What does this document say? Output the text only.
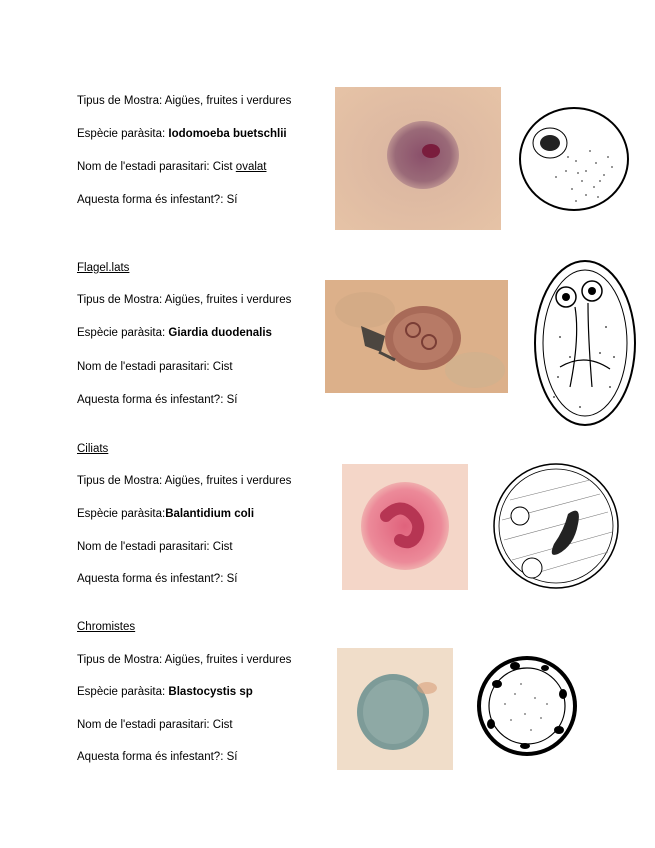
Tipus de Mostra: Aigües, fruites i verdures
Espècie paràsita: Iodomoeba buetschlii
Nom de l'estadi parasitari: Cist ovalat
Aquesta forma és infestant?: Sí
Flagel.lats
Tipus de Mostra: Aigües, fruites i verdures
Espècie paràsita: Giardia duodenalis
Nom de l'estadi parasitari: Cist
Aquesta forma és infestant?: Sí
Ciliats
Tipus de Mostra: Aigües, fruites i verdures
Espècie paràsita:Balantidium coli
Nom de l'estadi parasitari: Cist
Aquesta forma és infestant?: Sí
Chromistes
Tipus de Mostra: Aigües, fruites i verdures
Espècie paràsita: Blastocystis sp
Nom de l'estadi parasitari: Cist
Aquesta forma és infestant?: Sí
